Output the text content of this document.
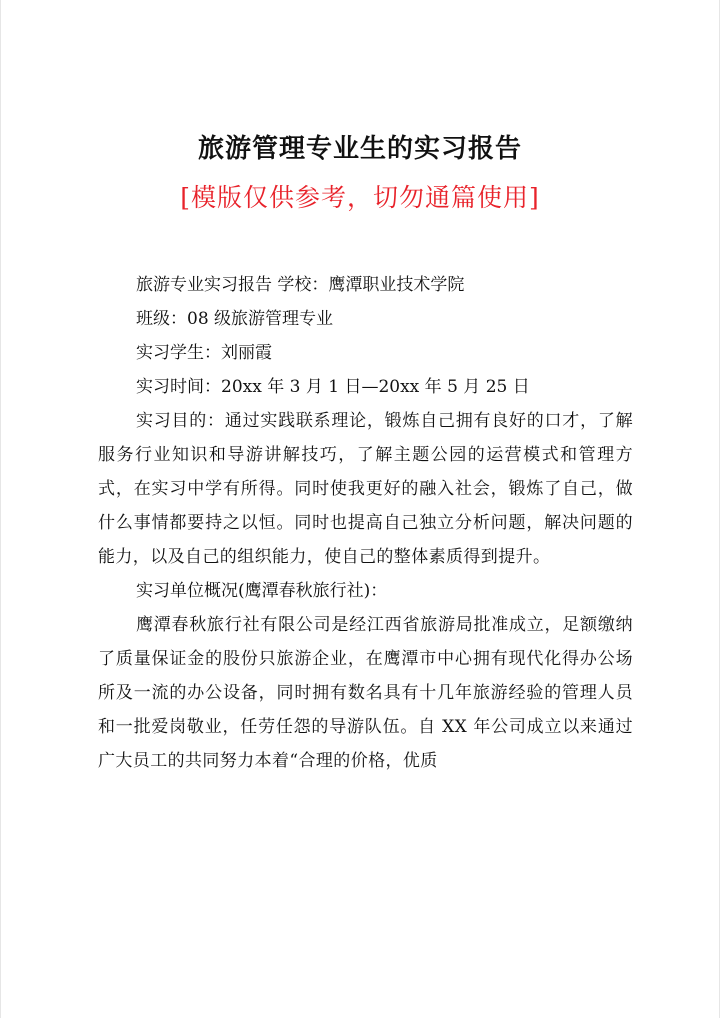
旅游管理专业生的实习报告
[模版仅供参考，切勿通篇使用]
旅游专业实习报告 学校：鹰潭职业技术学院
班级：08 级旅游管理专业
实习学生：刘丽霞
实习时间：20xx 年 3 月 1 日—20xx 年 5 月 25 日
实习目的：通过实践联系理论，锻炼自己拥有良好的口才，了解服务行业知识和导游讲解技巧，了解主题公园的运营模式和管理方式，在实习中学有所得。同时使我更好的融入社会，锻炼了自己，做什么事情都要持之以恒。同时也提高自己独立分析问题，解决问题的能力，以及自己的组织能力，使自己的整体素质得到提升。
实习单位概况(鹰潭春秋旅行社)：
鹰潭春秋旅行社有限公司是经江西省旅游局批准成立，足额缴纳了质量保证金的股份只旅游企业，在鹰潭市中心拥有现代化得办公场所及一流的办公设备，同时拥有数名具有十几年旅游经验的管理人员和一批爱岗敬业，任劳任怨的导游队伍。自 XX 年公司成立以来通过广大员工的共同努力本着“合理的价格，优质
